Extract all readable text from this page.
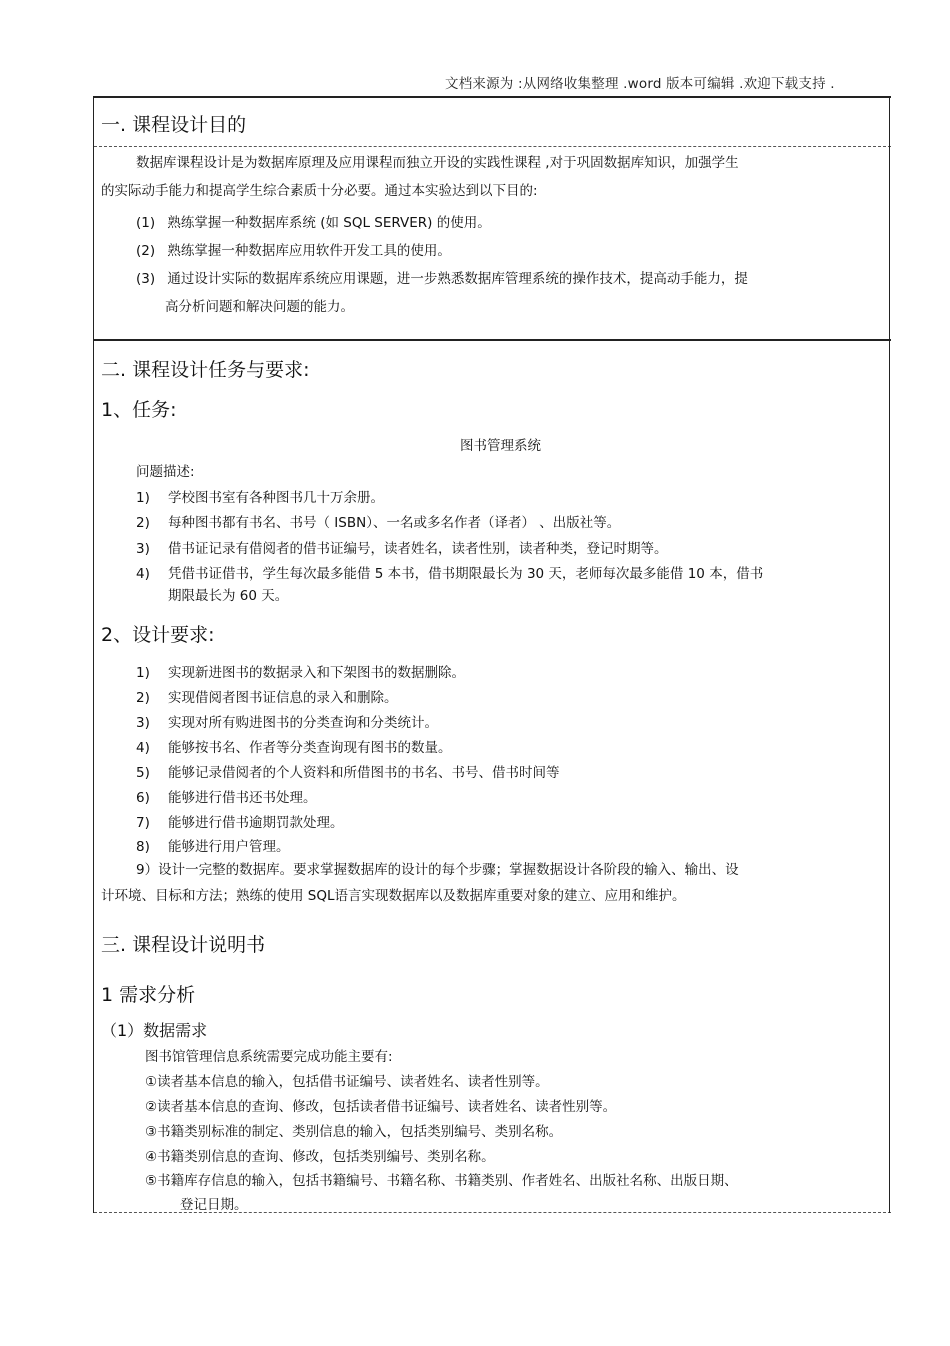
文档来源为 :从网络收集整理 .word 版本可编辑 .欢迎下载支持 .
一. 课程设计目的
数据库课程设计是为数据库原理及应用课程而独立开设的实践性课程 ,对于巩固数据库知识，加强学生
的实际动手能力和提高学生综合素质十分必要。通过本实验达到以下目的:
(1) 熟练掌握一种数据库系统 (如 SQL SERVER) 的使用。
(2) 熟练掌握一种数据库应用软件开发工具的使用。
(3) 通过设计实际的数据库系统应用课题，进一步熟悉数据库管理系统的操作技术，提高动手能力，提
高分析问题和解决问题的能力。
二. 课程设计任务与要求:
1、任务:
图书管理系统
问题描述:
1) 学校图书室有各种图书几十万余册。
2) 每种图书都有书名、书号（ ISBN）、一名或多名作者（译者） 、出版社等。
3) 借书证记录有借阅者的借书证编号，读者姓名，读者性别，读者种类，登记时期等。
4) 凭借书证借书，学生每次最多能借 5 本书，借书期限最长为 30 天，老师每次最多能借 10 本，借书
期限最长为 60 天。
2、设计要求:
1) 实现新进图书的数据录入和下架图书的数据删除。
2) 实现借阅者图书证信息的录入和删除。
3) 实现对所有购进图书的分类查询和分类统计。
4) 能够按书名、作者等分类查询现有图书的数量。
5) 能够记录借阅者的个人资料和所借图书的书名、书号、借书时间等
6) 能够进行借书还书处理。
7) 能够进行借书逾期罚款处理。
8) 能够进行用户管理。
9）设计一完整的数据库。要求掌握数据库的设计的每个步骤；掌握数据设计各阶段的输入、输出、设
计环境、目标和方法；熟练的使用 SQL语言实现数据库以及数据库重要对象的建立、应用和维护。
三. 课程设计说明书
1 需求分析
（1）数据需求
图书馆管理信息系统需要完成功能主要有:
①读者基本信息的输入，包括借书证编号、读者姓名、读者性别等。
②读者基本信息的查询、修改，包括读者借书证编号、读者姓名、读者性别等。
③书籍类别标准的制定、类别信息的输入，包括类别编号、类别名称。
④书籍类别信息的查询、修改，包括类别编号、类别名称。
⑤书籍库存信息的输入，包括书籍编号、书籍名称、书籍类别、作者姓名、出版社名称、出版日期、
登记日期。
